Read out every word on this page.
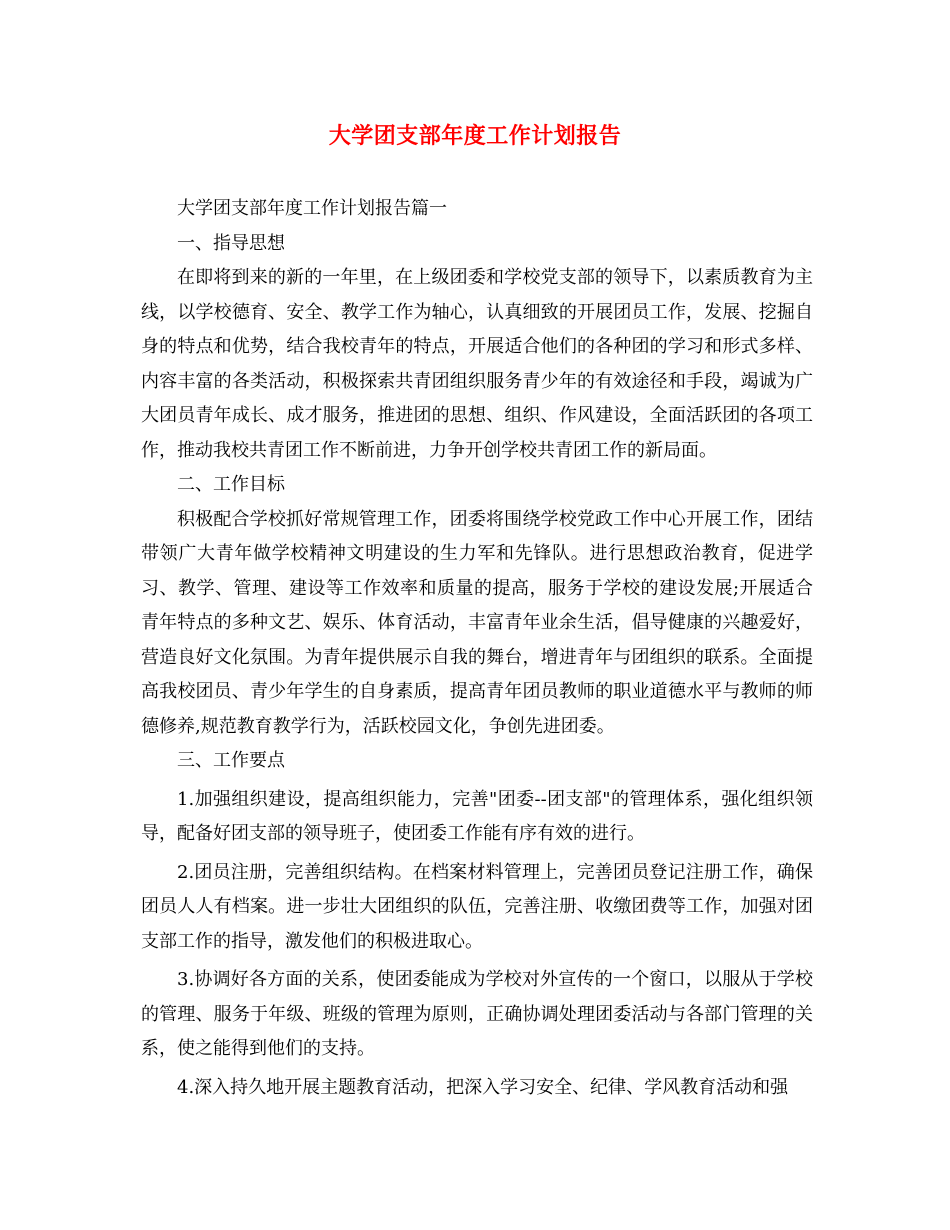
大学团支部年度工作计划报告

大学团支部年度工作计划报告篇一

一、指导思想

在即将到来的新的一年里，在上级团委和学校党支部的领导下，以素质教育为主线，以学校德育、安全、教学工作为轴心，认真细致的开展团员工作，发展、挖掘自身的特点和优势，结合我校青年的特点，开展适合他们的各种团的学习和形式多样、内容丰富的各类活动，积极探索共青团组织服务青少年的有效途径和手段，竭诚为广大团员青年成长、成才服务，推进团的思想、组织、作风建设，全面活跃团的各项工作，推动我校共青团工作不断前进，力争开创学校共青团工作的新局面。

二、工作目标

积极配合学校抓好常规管理工作，团委将围绕学校党政工作中心开展工作，团结带领广大青年做学校精神文明建设的生力军和先锋队。进行思想政治教育，促进学习、教学、管理、建设等工作效率和质量的提高，服务于学校的建设发展;开展适合青年特点的多种文艺、娱乐、体育活动，丰富青年业余生活，倡导健康的兴趣爱好，营造良好文化氛围。为青年提供展示自我的舞台，增进青年与团组织的联系。全面提高我校团员、青少年学生的自身素质，提高青年团员教师的职业道德水平与教师的师德修养,规范教育教学行为，活跃校园文化，争创先进团委。

三、工作要点

1.加强组织建设，提高组织能力，完善"团委--团支部"的管理体系，强化组织领导，配备好团支部的领导班子，使团委工作能有序有效的进行。

2.团员注册，完善组织结构。在档案材料管理上，完善团员登记注册工作，确保团员人人有档案。进一步壮大团组织的队伍，完善注册、收缴团费等工作，加强对团支部工作的指导，激发他们的积极进取心。

3.协调好各方面的关系，使团委能成为学校对外宣传的一个窗口，以服从于学校的管理、服务于年级、班级的管理为原则，正确协调处理团委活动与各部门管理的关系，使之能得到他们的支持。

4.深入持久地开展主题教育活动，把深入学习安全、纪律、学风教育活动和强
